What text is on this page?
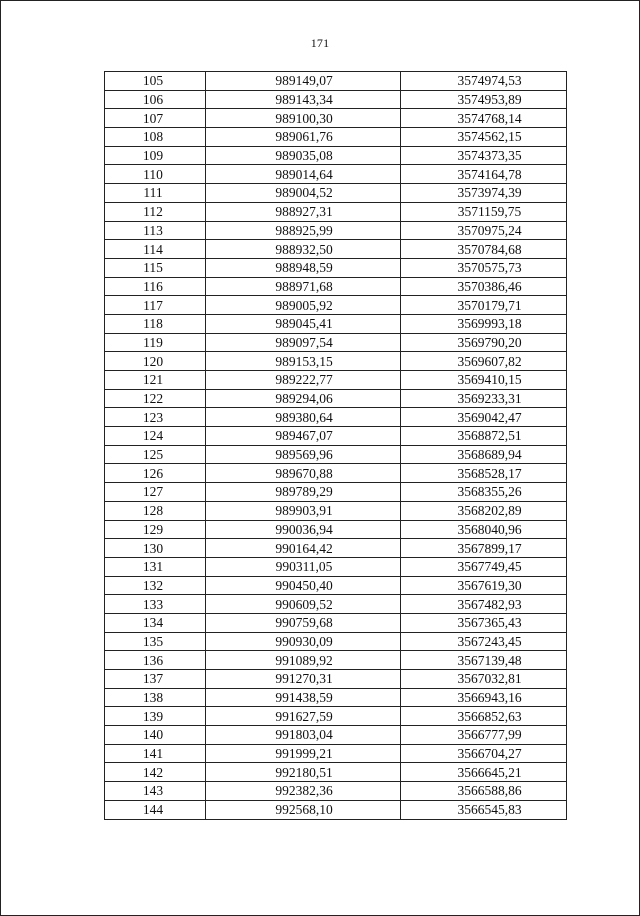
171
105	989149,07	3574974,53
106	989143,34	3574953,89
107	989100,30	3574768,14
108	989061,76	3574562,15
109	989035,08	3574373,35
110	989014,64	3574164,78
111	989004,52	3573974,39
112	988927,31	3571159,75
113	988925,99	3570975,24
114	988932,50	3570784,68
115	988948,59	3570575,73
116	988971,68	3570386,46
117	989005,92	3570179,71
118	989045,41	3569993,18
119	989097,54	3569790,20
120	989153,15	3569607,82
121	989222,77	3569410,15
122	989294,06	3569233,31
123	989380,64	3569042,47
124	989467,07	3568872,51
125	989569,96	3568689,94
126	989670,88	3568528,17
127	989789,29	3568355,26
128	989903,91	3568202,89
129	990036,94	3568040,96
130	990164,42	3567899,17
131	990311,05	3567749,45
132	990450,40	3567619,30
133	990609,52	3567482,93
134	990759,68	3567365,43
135	990930,09	3567243,45
136	991089,92	3567139,48
137	991270,31	3567032,81
138	991438,59	3566943,16
139	991627,59	3566852,63
140	991803,04	3566777,99
141	991999,21	3566704,27
142	992180,51	3566645,21
143	992382,36	3566588,86
144	992568,10	3566545,83
